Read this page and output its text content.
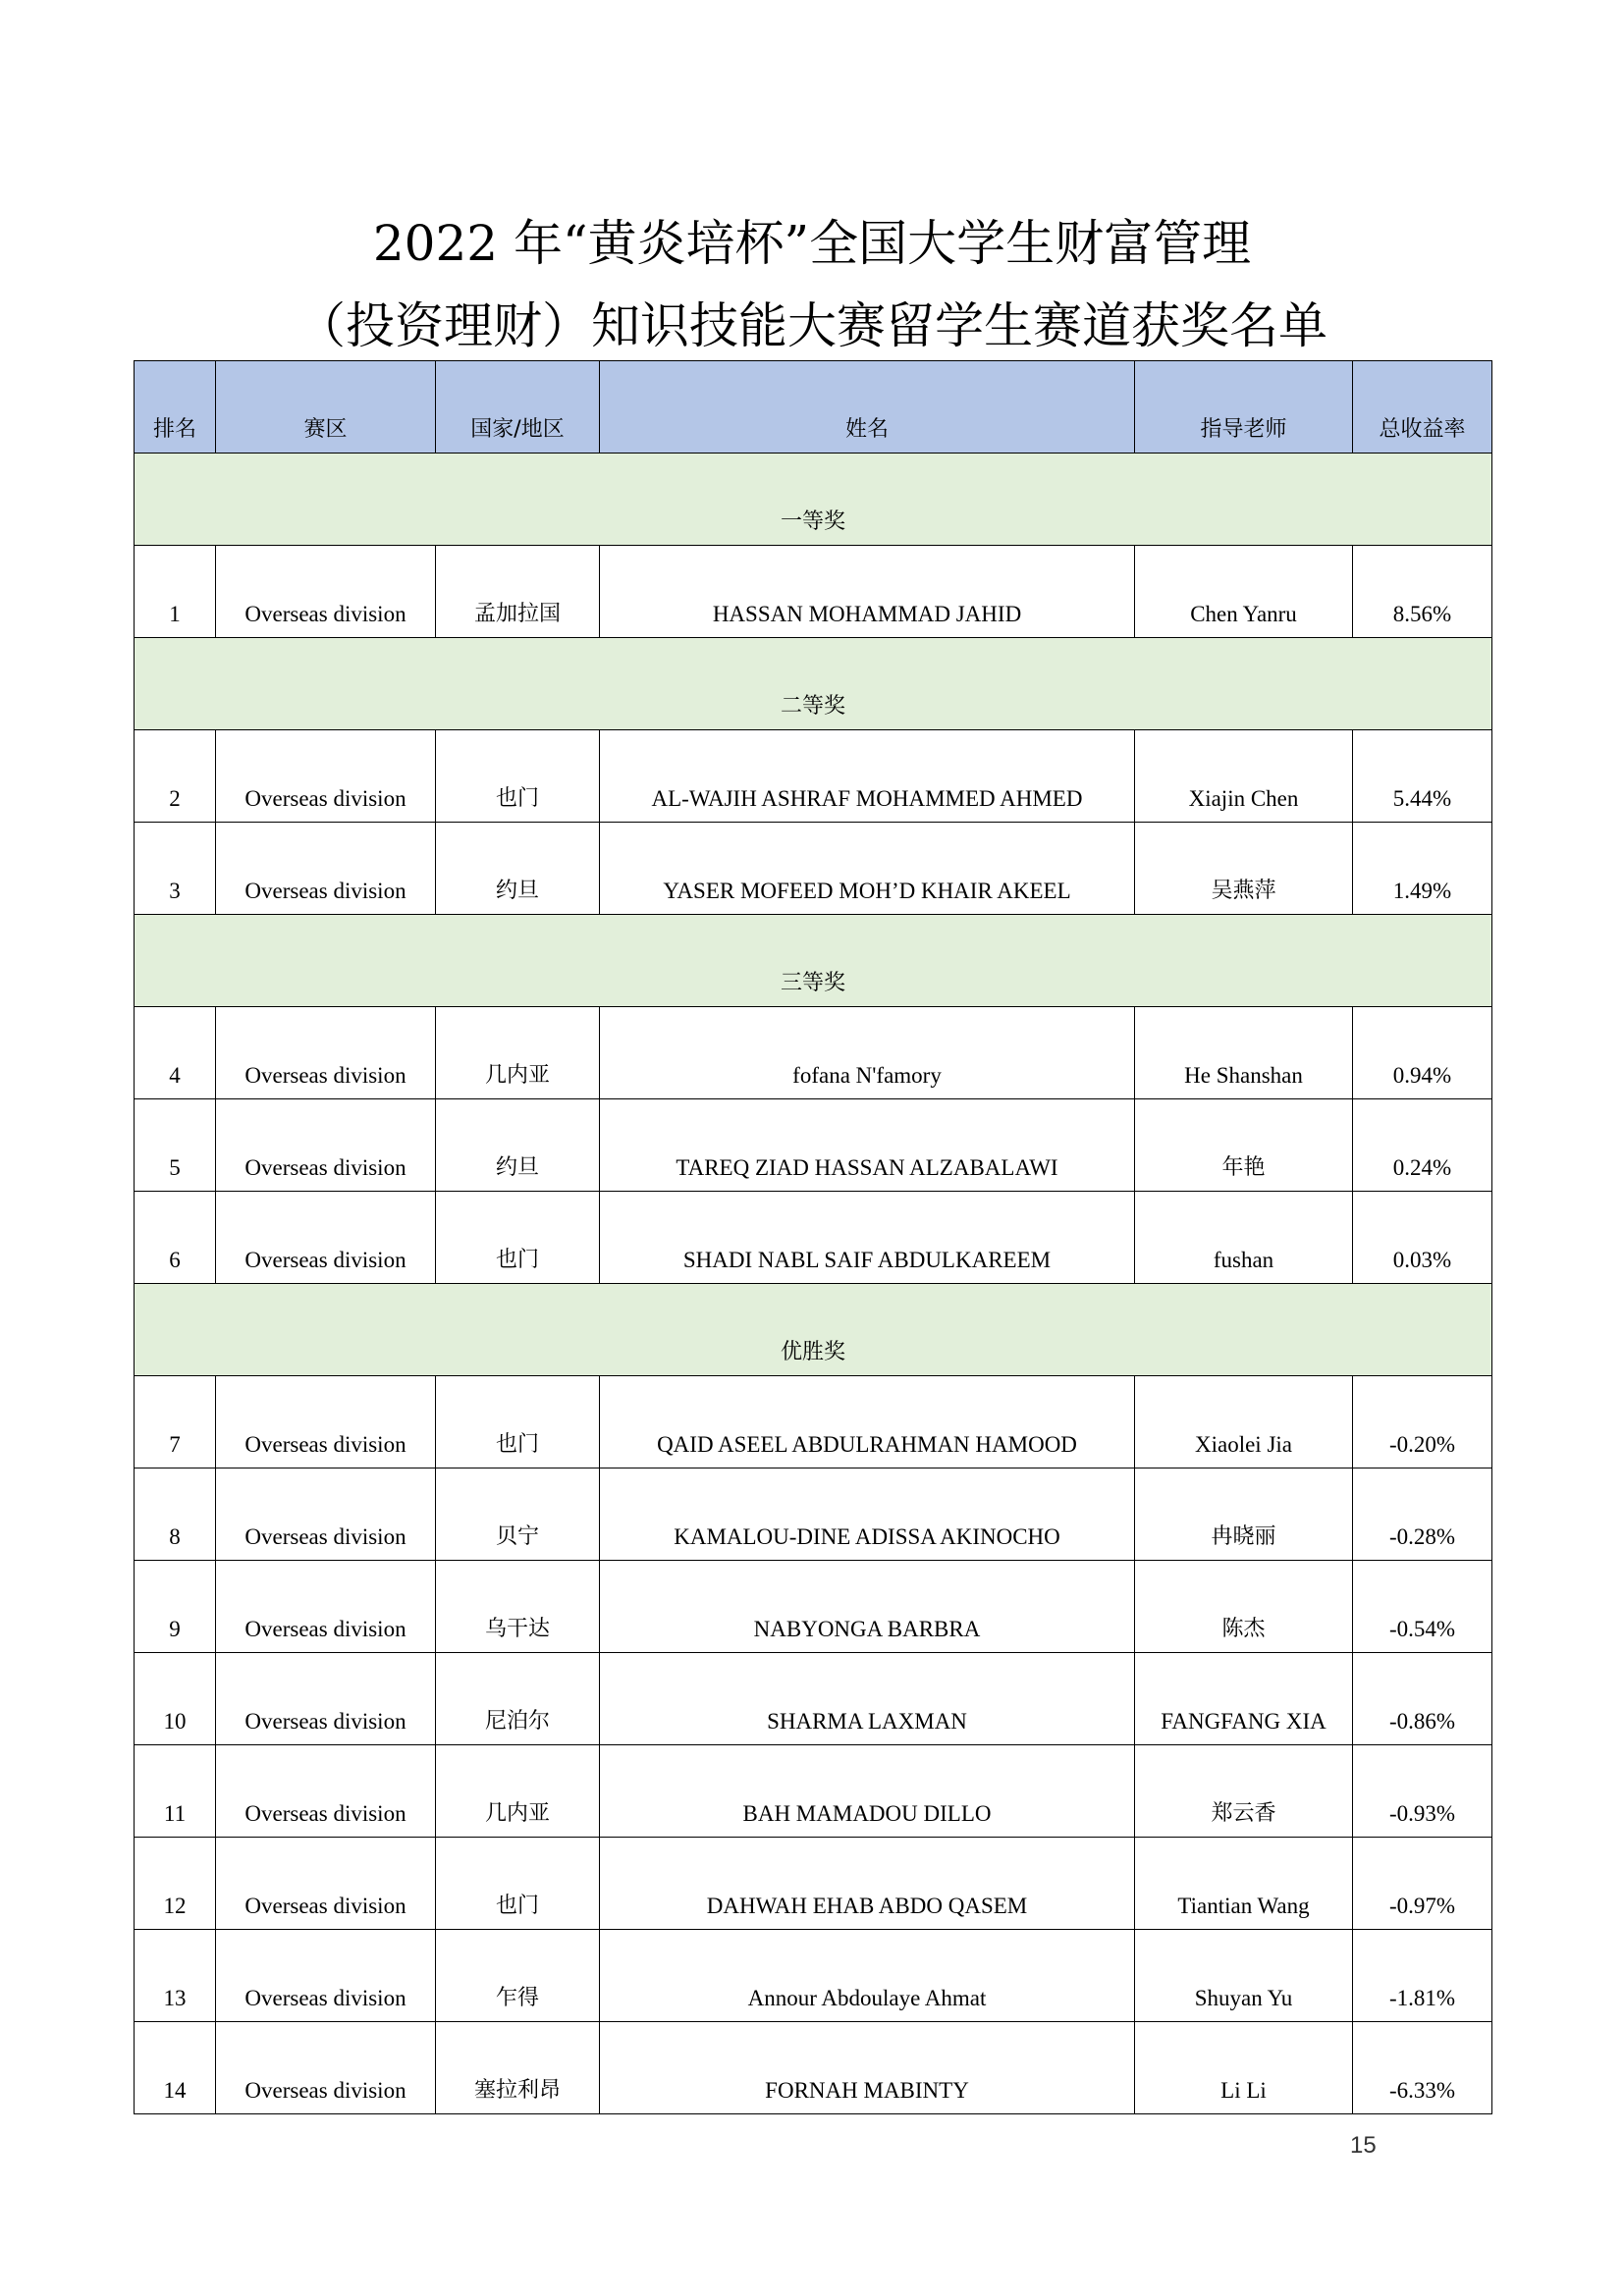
2022 年“黄炎培杯”全国大学生财富管理
（投资理财）知识技能大赛留学生赛道获奖名单
排名	赛区	国家/地区	姓名	指导老师	总收益率
一等奖					
1	Overseas division	孟加拉国	HASSAN MOHAMMAD JAHID	Chen Yanru	8.56%
二等奖					
2	Overseas division	也门	AL-WAJIH ASHRAF MOHAMMED AHMED	Xiajin Chen	5.44%
3	Overseas division	约旦	YASER MOFEED MOH’D KHAIR AKEEL	吴燕萍	1.49%
三等奖					
4	Overseas division	几内亚	fofana N'famory	He Shanshan	0.94%
5	Overseas division	约旦	TAREQ ZIAD HASSAN ALZABALAWI	年艳	0.24%
6	Overseas division	也门	SHADI NABL SAIF ABDULKAREEM	fushan	0.03%
优胜奖					
7	Overseas division	也门	QAID ASEEL ABDULRAHMAN HAMOOD	Xiaolei Jia	-0.20%
8	Overseas division	贝宁	KAMALOU-DINE ADISSA AKINOCHO	冉晓丽	-0.28%
9	Overseas division	乌干达	NABYONGA BARBRA	陈杰	-0.54%
10	Overseas division	尼泊尔	SHARMA LAXMAN	FANGFANG XIA	-0.86%
11	Overseas division	几内亚	BAH MAMADOU DILLO	郑云香	-0.93%
12	Overseas division	也门	DAHWAH EHAB ABDO QASEM	Tiantian Wang	-0.97%
13	Overseas division	乍得	Annour Abdoulaye Ahmat	Shuyan Yu	-1.81%
14	Overseas division	塞拉利昂	FORNAH MABINTY	Li Li	-6.33%
15
